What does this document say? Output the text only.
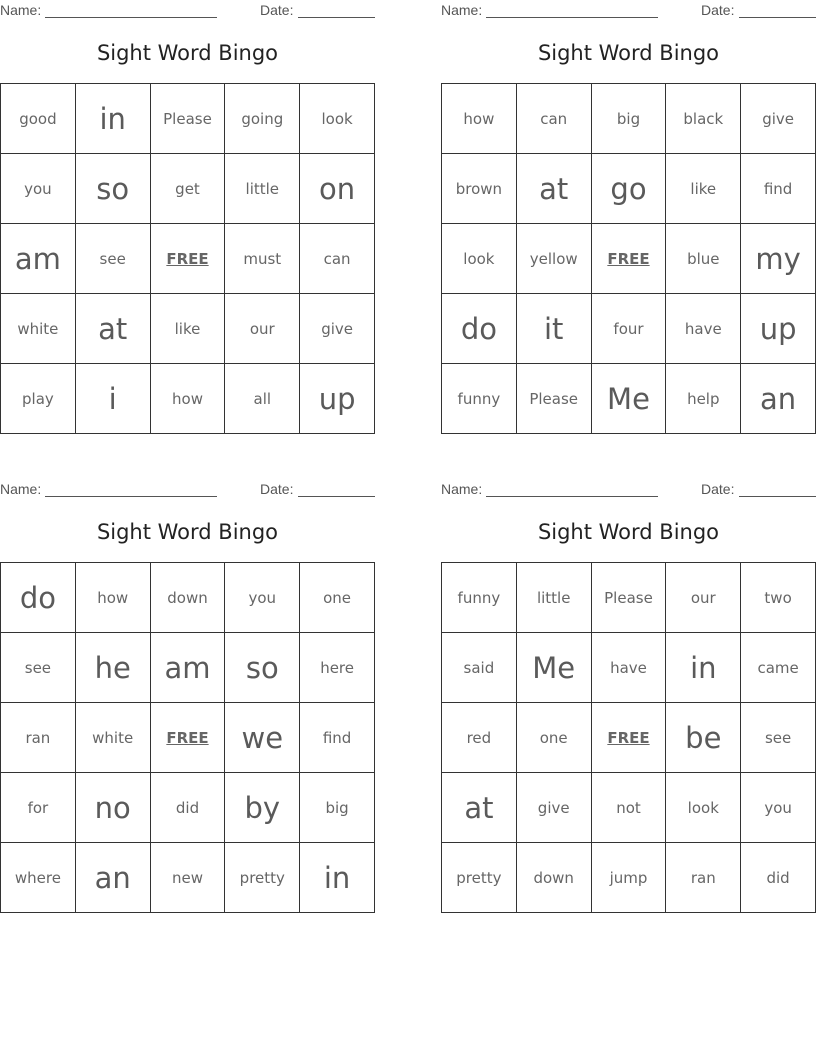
Name:	Date:
Sight Word Bingo
good	in	Please	going	look
you	so	get	little	on
am	see	FREE	must	can
white	at	like	our	give
play	i	how	all	up
Name:	Date:
Sight Word Bingo
how	can	big	black	give
brown	at	go	like	find
look	yellow	FREE	blue	my
do	it	four	have	up
funny	Please	Me	help	an
Name:	Date:
Sight Word Bingo
do	how	down	you	one
see	he	am	so	here
ran	white	FREE	we	find
for	no	did	by	big
where	an	new	pretty	in
Name:	Date:
Sight Word Bingo
funny	little	Please	our	two
said	Me	have	in	came
red	one	FREE	be	see
at	give	not	look	you
pretty	down	jump	ran	did
